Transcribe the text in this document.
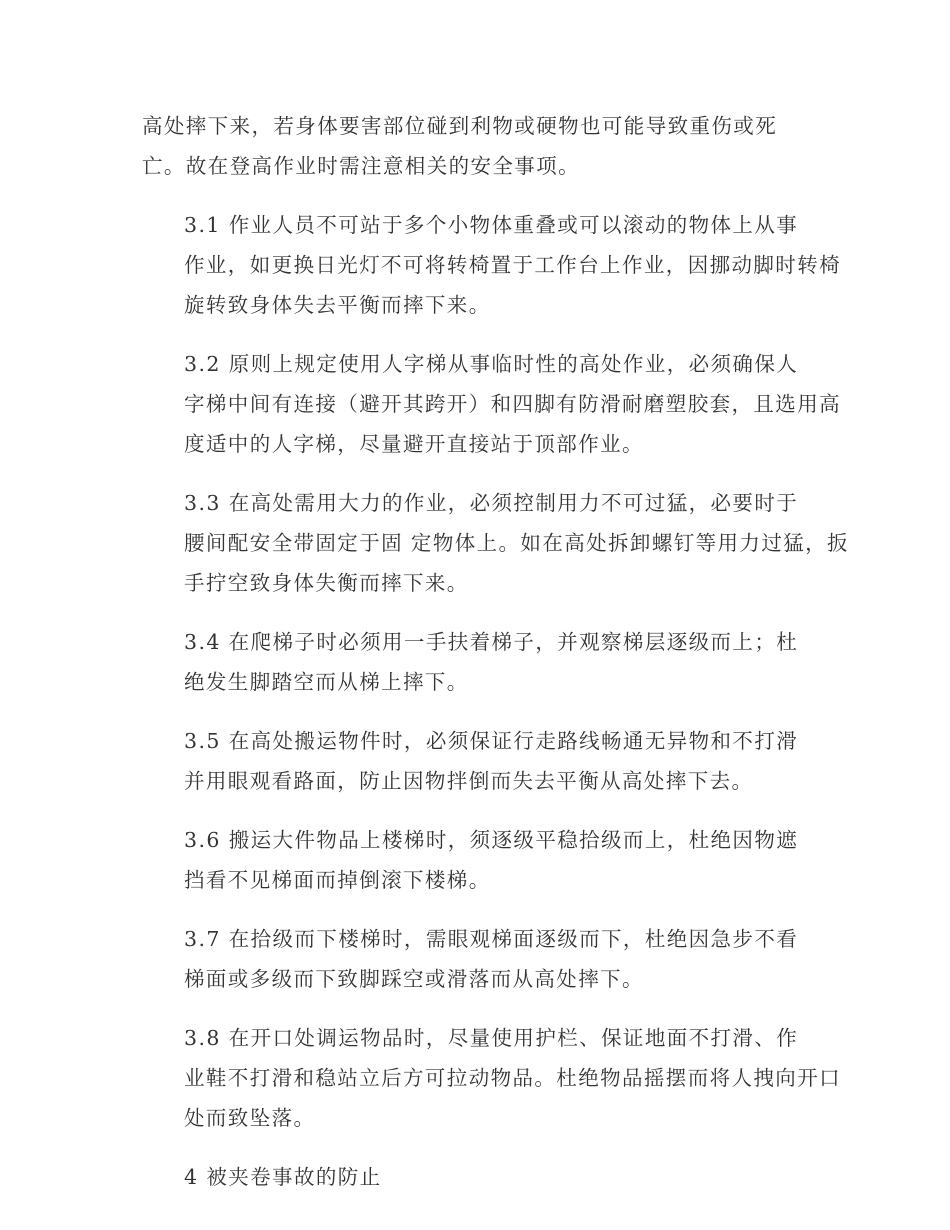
高处摔下来，若身体要害部位碰到利物或硬物也可能导致重伤或死
亡。故在登高作业时需注意相关的安全事项。

3.1 作业人员不可站于多个小物体重叠或可以滚动的物体上从事
作业，如更换日光灯不可将转椅置于工作台上作业，因挪动脚时转椅
旋转致身体失去平衡而摔下来。

3.2 原则上规定使用人字梯从事临时性的高处作业，必须确保人
字梯中间有连接（避开其跨开）和四脚有防滑耐磨塑胶套，且选用高
度适中的人字梯，尽量避开直接站于顶部作业。

3.3 在高处需用大力的作业，必须控制用力不可过猛，必要时于
腰间配安全带固定于固 定物体上。如在高处拆卸螺钉等用力过猛，扳
手拧空致身体失衡而摔下来。

3.4 在爬梯子时必须用一手扶着梯子，并观察梯层逐级而上；杜
绝发生脚踏空而从梯上摔下。

3.5 在高处搬运物件时，必须保证行走路线畅通无异物和不打滑
并用眼观看路面，防止因物拌倒而失去平衡从高处摔下去。

3.6 搬运大件物品上楼梯时，须逐级平稳拾级而上，杜绝因物遮
挡看不见梯面而掉倒滚下楼梯。

3.7 在拾级而下楼梯时，需眼观梯面逐级而下，杜绝因急步不看
梯面或多级而下致脚踩空或滑落而从高处摔下。

3.8 在开口处调运物品时，尽量使用护栏、保证地面不打滑、作
业鞋不打滑和稳站立后方可拉动物品。杜绝物品摇摆而将人拽向开口
处而致坠落。

4 被夹卷事故的防止
